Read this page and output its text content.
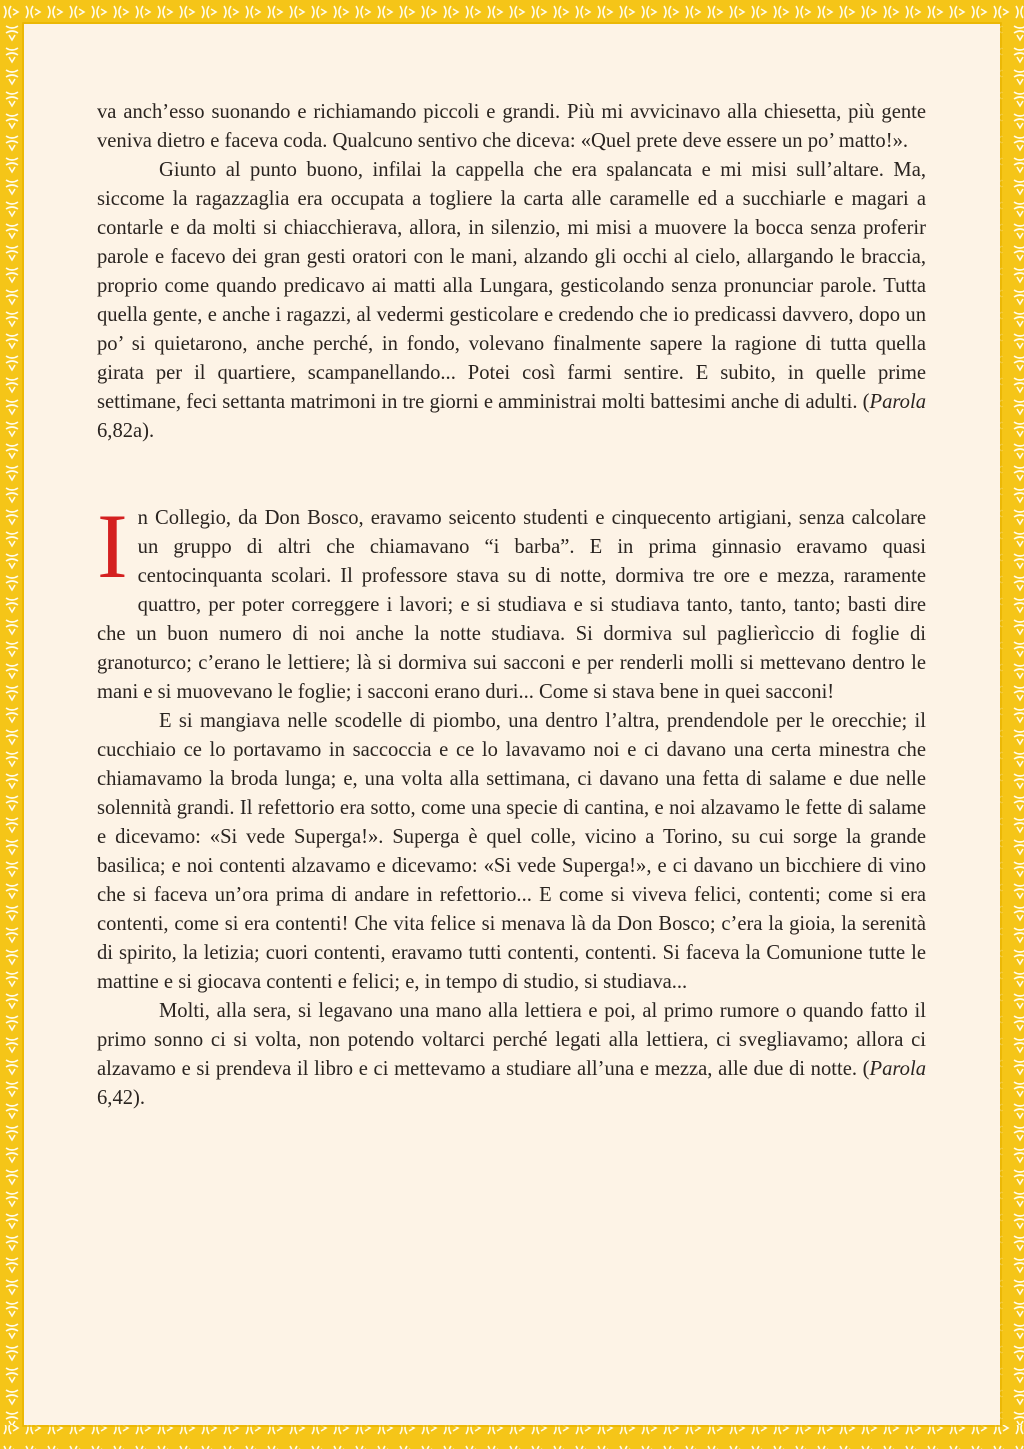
va anch’esso suonando e richiamando piccoli e grandi. Più mi avvicinavo alla chiesetta, più gente veniva dietro e faceva coda. Qualcuno sentivo che diceva: «Quel prete deve essere un po’ matto!».

Giunto al punto buono, infilai la cappella che era spalancata e mi misi sull’altare. Ma, siccome la ragazzaglia era occupata a togliere la carta alle caramelle ed a succhiarle e magari a contarle e da molti si chiacchierava, allora, in silenzio, mi misi a muovere la bocca senza proferir parole e facevo dei gran gesti oratori con le mani, alzando gli occhi al cielo, allargando le braccia, proprio come quando predicavo ai matti alla Lungara, gesticolando senza pronunciar parole. Tutta quella gente, e anche i ragazzi, al vedermi gesticolare e credendo che io predicassi davvero, dopo un po’ si quietarono, anche perché, in fondo, volevano finalmente sapere la ragione di tutta quella girata per il quartiere, scampanellando... Potei così farmi sentire. E subito, in quelle prime settimane, feci settanta matrimoni in tre giorni e amministrai molti battesimi anche di adulti. (Parola 6,82a).

In Collegio, da Don Bosco, eravamo seicento studenti e cinquecento artigiani, senza calcolare un gruppo di altri che chiamavano “i barba”. E in prima ginnasio eravamo quasi centocinquanta scolari. Il professore stava su di notte, dormiva tre ore e mezza, raramente quattro, per poter correggere i lavori; e si studiava e si studiava tanto, tanto, tanto; basti dire che un buon numero di noi anche la notte studiava. Si dormiva sul paglierìccio di foglie di granoturco; c’erano le lettiere; là si dormiva sui sacconi e per renderli molli si mettevano dentro le mani e si muovevano le foglie; i sacconi erano duri... Come si stava bene in quei sacconi!

E si mangiava nelle scodelle di piombo, una dentro l’altra, prendendole per le orecchie; il cucchiaio ce lo portavamo in saccoccia e ce lo lavavamo noi e ci davano una certa minestra che chiamavamo la broda lunga; e, una volta alla settimana, ci davano una fetta di salame e due nelle solennità grandi. Il refettorio era sotto, come una specie di cantina, e noi alzavamo le fette di salame e dicevamo: «Si vede Superga!». Superga è quel colle, vicino a Torino, su cui sorge la grande basilica; e noi contenti alzavamo e dicevamo: «Si vede Superga!», e ci davano un bicchiere di vino che si faceva un’ora prima di andare in refettorio... E come si viveva felici, contenti; come si era contenti, come si era contenti! Che vita felice si menava là da Don Bosco; c’era la gioia, la serenità di spirito, la letizia; cuori contenti, eravamo tutti contenti, contenti. Si faceva la Comunione tutte le mattine e si giocava contenti e felici; e, in tempo di studio, si studiava...

Molti, alla sera, si legavano una mano alla lettiera e poi, al primo rumore o quando fatto il primo sonno ci si volta, non potendo voltarci perché legati alla lettiera, ci svegliavamo; allora ci alzavamo e si prendeva il libro e ci mettevamo a studiare all’una e mezza, alle due di notte. (Parola 6,42).
